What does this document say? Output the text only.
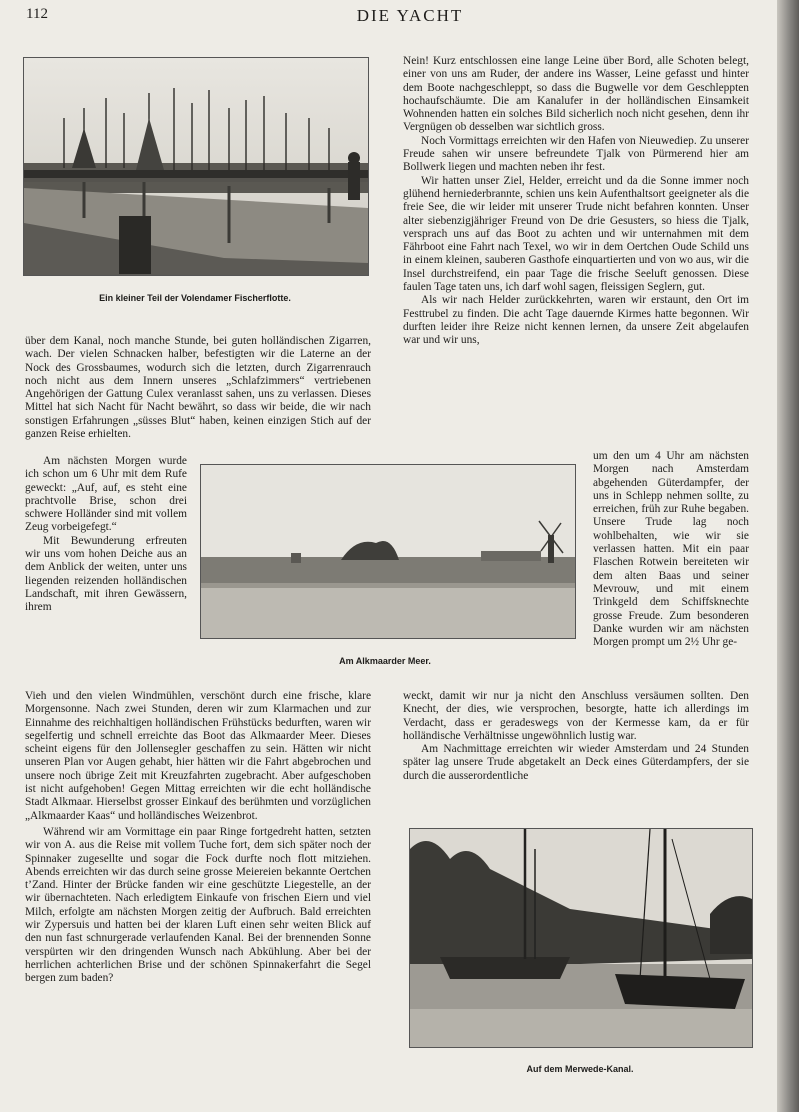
112	DIE YACHT
Ein kleiner Teil der Volendamer Fischerflotte.
über dem Kanal, noch manche Stunde, bei guten holländischen Zigarren, wach. Der vielen Schnacken halber, befestigten wir die Laterne an der Nock des Grossbaumes, wodurch sich die letzten, durch Zigarrenrauch noch nicht aus dem Innern unseres „Schlafzimmers“ vertriebenen Angehörigen der Gattung Culex veranlasst sahen, uns zu verlassen. Dieses Mittel hat sich Nacht für Nacht bewährt, so dass wir beide, die wir nach sonstigen Erfahrungen „süsses Blut“ haben, keinen einzigen Stich auf der ganzen Reise erhielten.
Am nächsten Morgen wurde ich schon um 6 Uhr mit dem Rufe geweckt: „Auf, auf, es steht eine prachtvolle Brise, schon drei schwere Holländer sind mit vollem Zeug vorbeigefegt.“
Mit Bewunderung erfreuten wir uns vom hohen Deiche aus an dem Anblick der weiten, unter uns liegenden reizenden holländischen Landschaft, mit ihren Gewässern, ihrem
Vieh und den vielen Windmühlen, verschönt durch eine frische, klare Morgensonne. Nach zwei Stunden, deren wir zum Klarmachen und zur Einnahme des reichhaltigen holländischen Frühstücks bedurften, waren wir segelfertig und schnell erreichte das Boot das Alkmaarder Meer. Dieses scheint eigens für den Jollensegler geschaffen zu sein. Hätten wir nicht unseren Plan vor Augen gehabt, hier hätten wir die Fahrt abgebrochen und unsere noch übrige Zeit mit Kreuzfahrten zugebracht. Aber aufgeschoben ist nicht aufgehoben! Gegen Mittag erreichten wir die echt holländische Stadt Alkmaar. Hierselbst grosser Einkauf des berühmten und vorzüglichen „Alkmaarder Kaas“ und holländisches Weizenbrot.
Während wir am Vormittage ein paar Ringe fortgedreht hatten, setzten wir von A. aus die Reise mit vollem Tuche fort, dem sich später noch der Spinnaker zugesellte und sogar die Fock durfte noch flott mitziehen. Abends erreichten wir das durch seine grosse Meiereien bekannte Oertchen t’Zand. Hinter der Brücke fanden wir eine geschützte Liegestelle, an der wir übernachteten. Nach erledigtem Einkaufe von frischen Eiern und viel Milch, erfolgte am nächsten Morgen zeitig der Aufbruch. Bald erreichten wir Zypersuis und hatten bei der klaren Luft einen sehr weiten Blick auf den nun fast schnurgerade verlaufenden Kanal. Bei der brennenden Sonne verspürten wir den dringenden Wunsch nach Abkühlung. Aber bei der herrlichen achterlichen Brise und der schönen Spinnakerfahrt die Segel bergen zum baden?
Am Alkmaarder Meer.
Nein! Kurz entschlossen eine lange Leine über Bord, alle Schoten belegt, einer von uns am Ruder, der andere ins Wasser, Leine gefasst und hinter dem Boote nachgeschleppt, so dass die Bugwelle vor dem Geschleppten hochaufschäumte. Die am Kanalufer in der holländischen Einsamkeit Wohnenden hatten ein solches Bild sicherlich noch nicht gesehen, denn ihr Vergnügen ob desselben war sichtlich gross.
Noch Vormittags erreichten wir den Hafen von Nieuwediep. Zu unserer Freude sahen wir unsere befreundete Tjalk von Pürmerend hier am Bollwerk liegen und machten neben ihr fest.
Wir hatten unser Ziel, Helder, erreicht und da die Sonne immer noch glühend herniederbrannte, schien uns kein Aufenthaltsort geeigneter als die freie See, die wir leider mit unserer Trude nicht befahren konnten. Unser alter siebenzigjähriger Freund von De drie Gesusters, so hiess die Tjalk, versprach uns auf das Boot zu achten und wir unternahmen mit dem Fährboot eine Fahrt nach Texel, wo wir in dem Oertchen Oude Schild uns in einem kleinen, sauberen Gasthofe einquartierten und von wo aus, wir die Insel durchstreifend, ein paar Tage die frische Seeluft genossen. Diese faulen Tage taten uns, ich darf wohl sagen, fleissigen Seglern, gut.
Als wir nach Helder zurückkehrten, waren wir erstaunt, den Ort im Festtrubel zu finden. Die acht Tage dauernde Kirmes hatte begonnen. Wir durften leider ihre Reize nicht kennen lernen, da unsere Zeit abgelaufen war und wir uns,
um den um 4 Uhr am nächsten Morgen nach Amsterdam abgehenden Güterdampfer, der uns in Schlepp nehmen sollte, zu erreichen, früh zur Ruhe begaben. Unsere Trude lag noch wohlbehalten, wie wir sie verlassen hatten. Mit ein paar Flaschen Rotwein bereiteten wir dem alten Baas und seiner Mevrouw, und mit einem Trinkgeld dem Schiffsknechte grosse Freude. Zum besonderen Danke wurden wir am nächsten Morgen prompt um 2½ Uhr ge-
weckt, damit wir nur ja nicht den Anschluss versäumen sollten. Den Knecht, der dies, wie versprochen, besorgte, hatte ich allerdings im Verdacht, dass er geradeswegs von der Kermesse kam, da er für holländische Verhältnisse ungewöhnlich lustig war.
Am Nachmittage erreichten wir wieder Amsterdam und 24 Stunden später lag unsere Trude abgetakelt an Deck eines Güterdampfers, der sie durch die ausserordentliche
Auf dem Merwede-Kanal.
